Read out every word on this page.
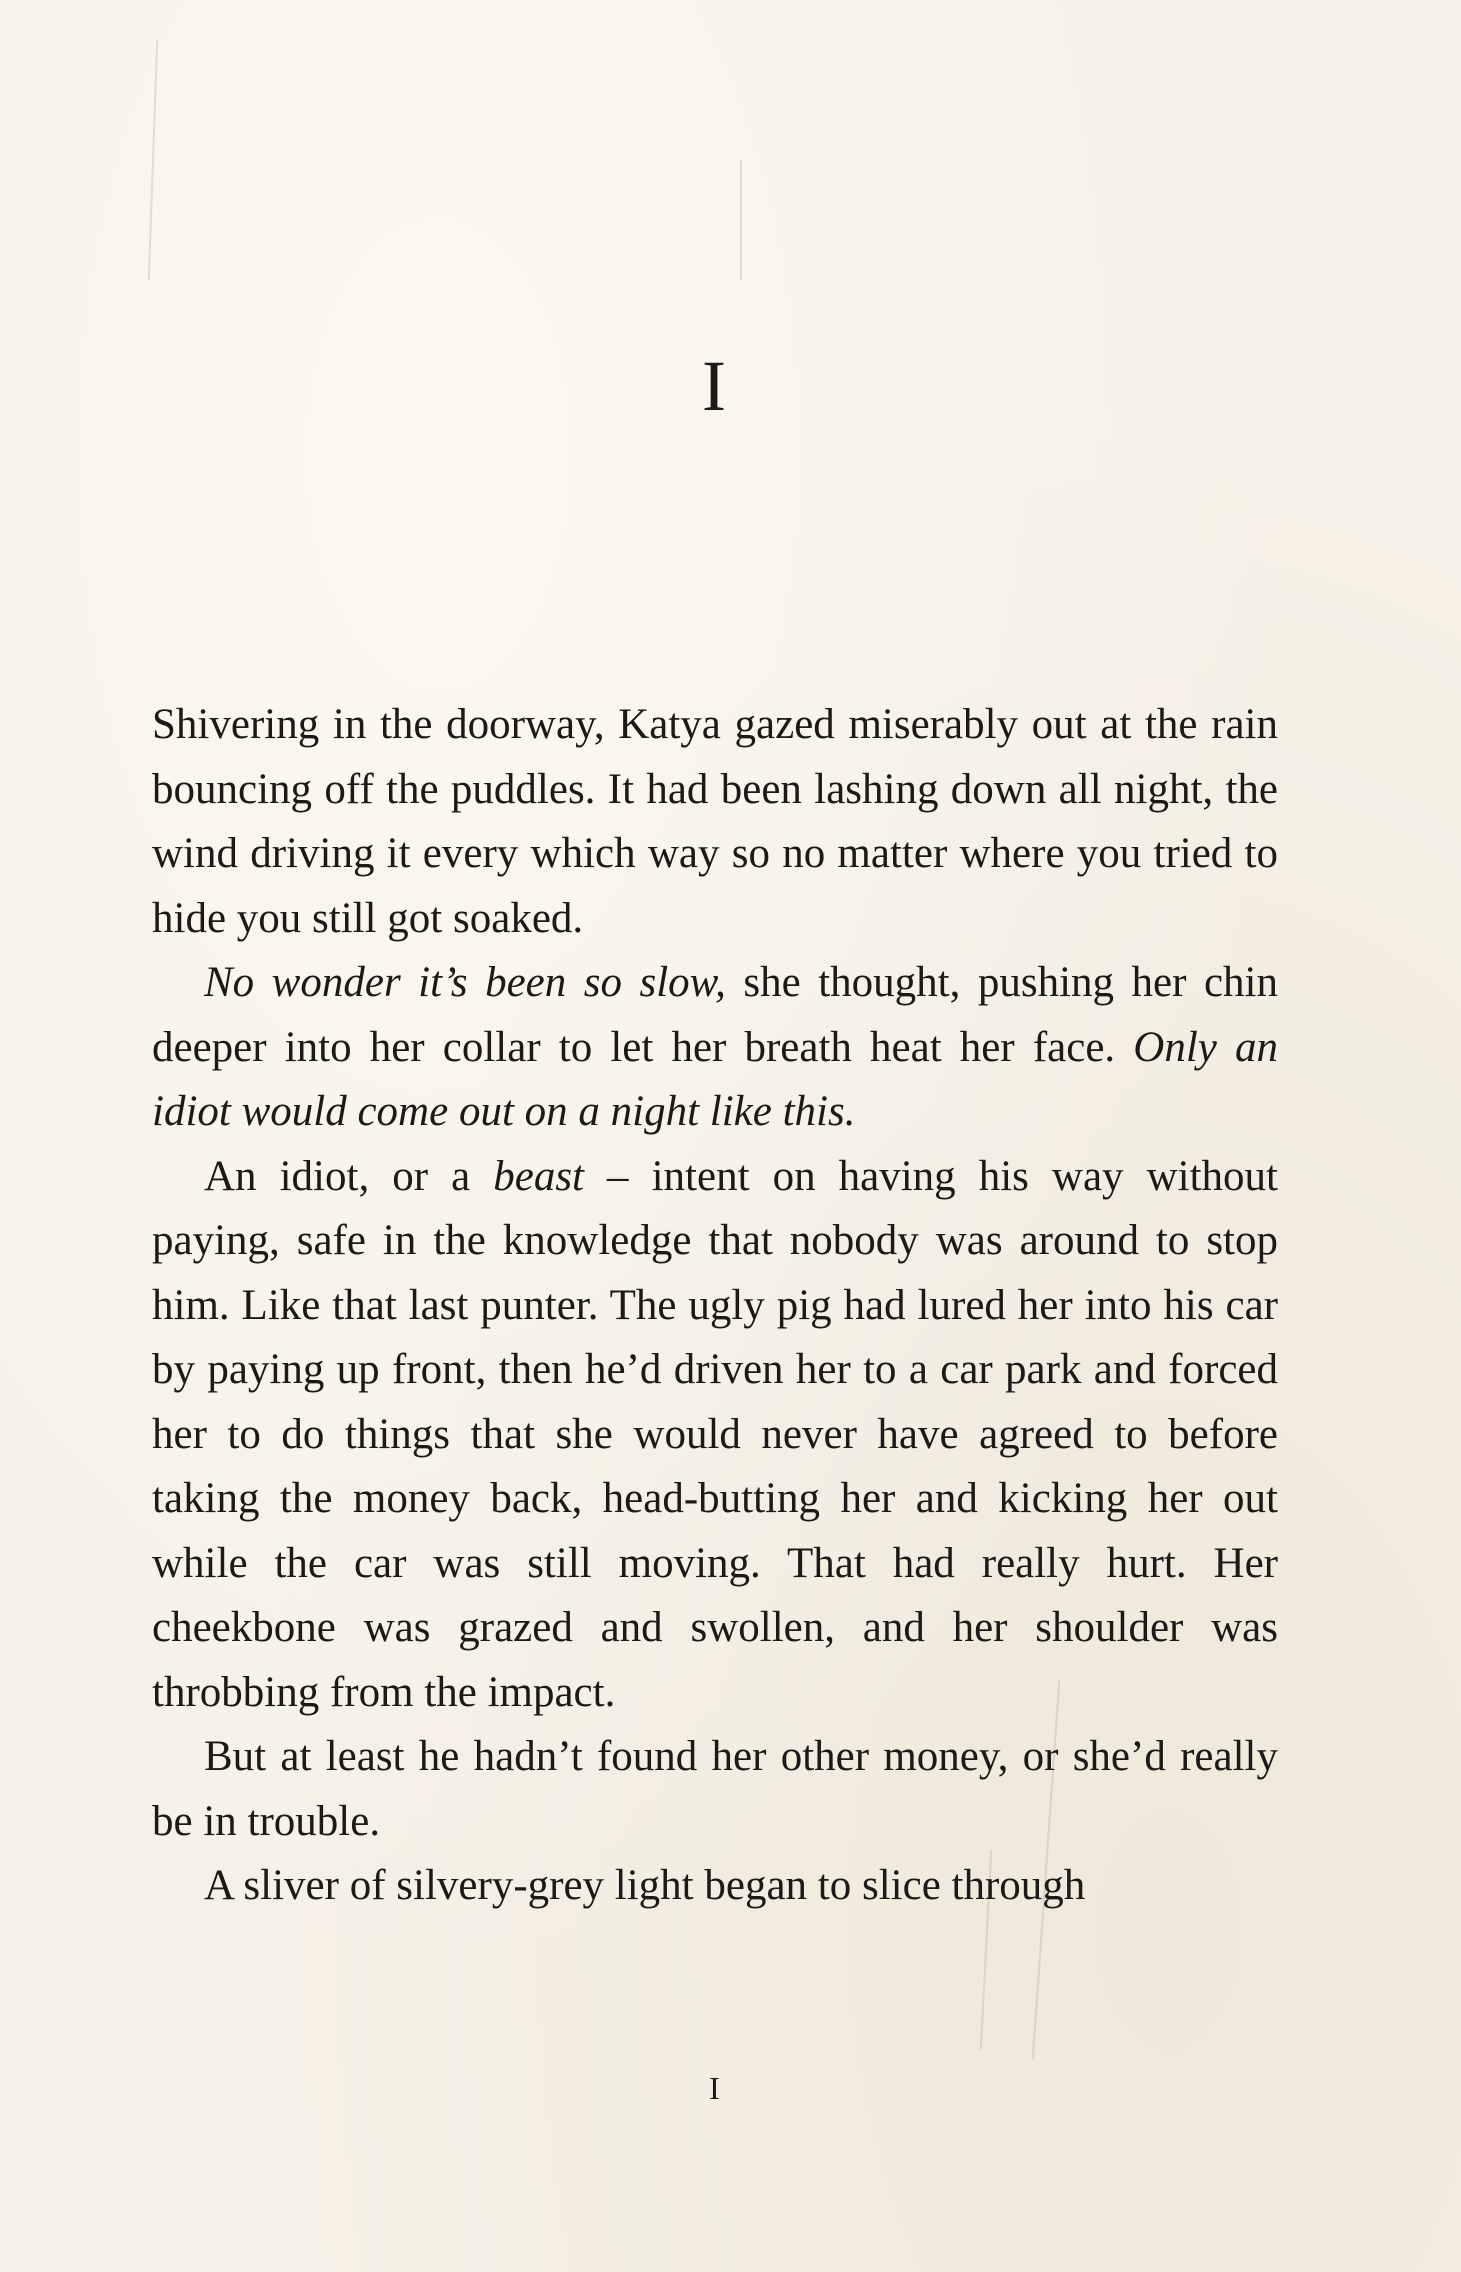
I

Shivering in the doorway, Katya gazed miserably out at the rain bouncing off the puddles. It had been lashing down all night, the wind driving it every which way so no matter where you tried to hide you still got soaked.

No wonder it’s been so slow, she thought, pushing her chin deeper into her collar to let her breath heat her face. Only an idiot would come out on a night like this.

An idiot, or a beast – intent on having his way without paying, safe in the knowledge that nobody was around to stop him. Like that last punter. The ugly pig had lured her into his car by paying up front, then he’d driven her to a car park and forced her to do things that she would never have agreed to before taking the money back, head-butting her and kicking her out while the car was still moving. That had really hurt. Her cheekbone was grazed and swollen, and her shoulder was throbbing from the impact.

But at least he hadn’t found her other money, or she’d really be in trouble.

A sliver of silvery-grey light began to slice through

I
